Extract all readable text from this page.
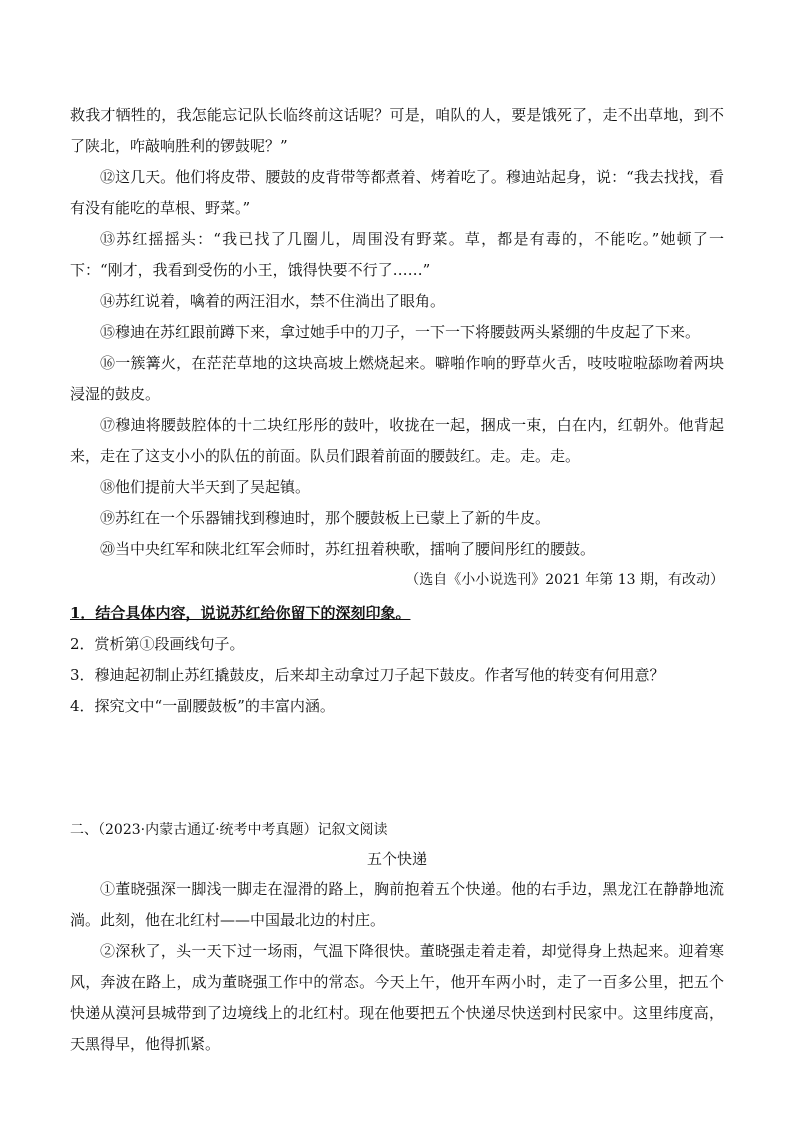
救我才牺牲的，我怎能忘记队长临终前这话呢？可是，咱队的人，要是饿死了，走不出草地，到不了陕北，咋敲响胜利的锣鼓呢？”

⑫这几天。他们将皮带、腰鼓的皮背带等都煮着、烤着吃了。穆迪站起身，说：“我去找找，看有没有能吃的草根、野菜。”

⑬苏红摇摇头：“我已找了几圈儿，周围没有野菜。草，都是有毒的，不能吃。”她顿了一下：“刚才，我看到受伤的小王，饿得快要不行了……”

⑭苏红说着，噙着的两汪泪水，禁不住淌出了眼角。

⑮穆迪在苏红跟前蹲下来，拿过她手中的刀子，一下一下将腰鼓两头紧绷的牛皮起了下来。

⑯一簇篝火，在茫茫草地的这块高坡上燃烧起来。噼啪作响的野草火舌，吱吱啦啦舔吻着两块浸湿的鼓皮。

⑰穆迪将腰鼓腔体的十二块红彤彤的鼓叶，收拢在一起，捆成一束，白在内，红朝外。他背起来，走在了这支小小的队伍的前面。队员们跟着前面的腰鼓红。走。走。走。

⑱他们提前大半天到了吴起镇。

⑲苏红在一个乐器铺找到穆迪时，那个腰鼓板上已蒙上了新的牛皮。

⑳当中央红军和陕北红军会师时，苏红扭着秧歌，擂响了腰间彤红的腰鼓。

（选自《小小说选刊》2021 年第 13 期，有改动）

1．结合具体内容，说说苏红给你留下的深刻印象。

2．赏析第①段画线句子。

3．穆迪起初制止苏红撬鼓皮，后来却主动拿过刀子起下鼓皮。作者写他的转变有何用意？

4．探究文中“一副腰鼓板”的丰富内涵。

二、（2023·内蒙古通辽·统考中考真题）记叙文阅读

五个快递

①董晓强深一脚浅一脚走在湿滑的路上，胸前抱着五个快递。他的右手边，黑龙江在静静地流淌。此刻，他在北红村——中国最北边的村庄。

②深秋了，头一天下过一场雨，气温下降很快。董晓强走着走着，却觉得身上热起来。迎着寒风，奔波在路上，成为董晓强工作中的常态。今天上午，他开车两小时，走了一百多公里，把五个快递从漠河县城带到了边境线上的北红村。现在他要把五个快递尽快送到村民家中。这里纬度高，天黑得早，他得抓紧。
